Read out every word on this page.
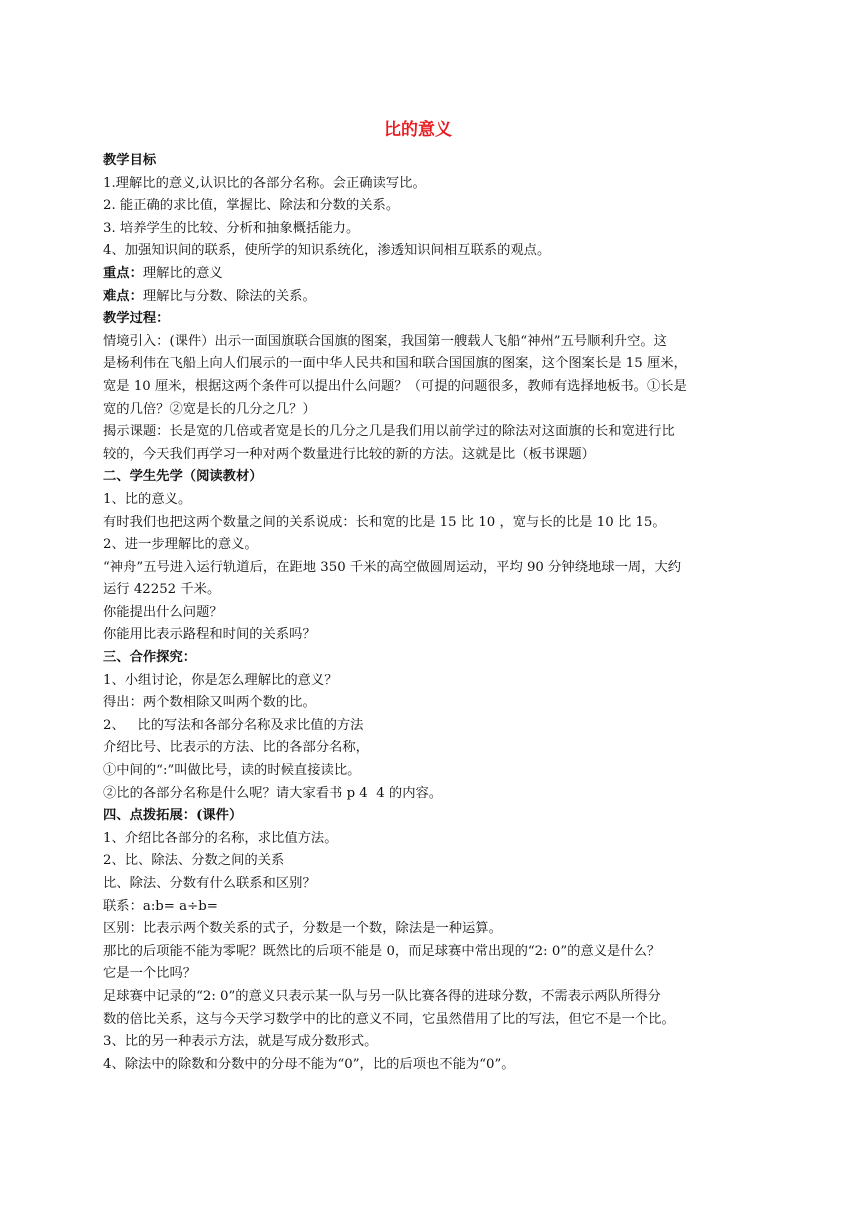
比的意义
教学目标
1.理解比的意义,认识比的各部分名称。会正确读写比。
2. 能正确的求比值，掌握比、除法和分数的关系。
3. 培养学生的比较、分析和抽象概括能力。
4、加强知识间的联系，使所学的知识系统化，渗透知识间相互联系的观点。
重点：理解比的意义
难点：理解比与分数、除法的关系。
教学过程：
情境引入：(课件）出示一面国旗联合国旗的图案，我国第一艘载人飞船“神州”五号顺利升空。这
是杨利伟在飞船上向人们展示的一面中华人民共和国和联合国国旗的图案，这个图案长是 15 厘米，
宽是 10 厘米，根据这两个条件可以提出什么问题？（可提的问题很多，教师有选择地板书。①长是
宽的几倍？②宽是长的几分之几？）
揭示课题：长是宽的几倍或者宽是长的几分之几是我们用以前学过的除法对这面旗的长和宽进行比
较的，今天我们再学习一种对两个数量进行比较的新的方法。这就是比（板书课题）
二、学生先学（阅读教材）
1、比的意义。
有时我们也把这两个数量之间的关系说成：长和宽的比是 15 比 10 ，宽与长的比是 10 比 15。
2、进一步理解比的意义。
“神舟”五号进入运行轨道后，在距地 350 千米的高空做圆周运动，平均 90 分钟绕地球一周，大约
运行 42252 千米。
你能提出什么问题？
你能用比表示路程和时间的关系吗？
三、合作探究：
1、小组讨论，你是怎么理解比的意义？
得出：两个数相除又叫两个数的比。
2、   比的写法和各部分名称及求比值的方法
介绍比号、比表示的方法、比的各部分名称，
①中间的“:”叫做比号，读的时候直接读比。
②比的各部分名称是什么呢？请大家看书 p 4  4 的内容。
四、点拨拓展：(课件）
1、介绍比各部分的名称，求比值方法。
2、比、除法、分数之间的关系
比、除法、分数有什么联系和区别？
联系：a:b= a÷b=
区别：比表示两个数关系的式子，分数是一个数，除法是一种运算。
那比的后项能不能为零呢？既然比的后项不能是 0，而足球赛中常出现的“2: 0”的意义是什么？
它是一个比吗？
足球赛中记录的“2: 0”的意义只表示某一队与另一队比赛各得的进球分数，不需表示两队所得分
数的倍比关系，这与今天学习数学中的比的意义不同，它虽然借用了比的写法，但它不是一个比。
3、比的另一种表示方法，就是写成分数形式。
4、除法中的除数和分数中的分母不能为“0”，比的后项也不能为“0”。
